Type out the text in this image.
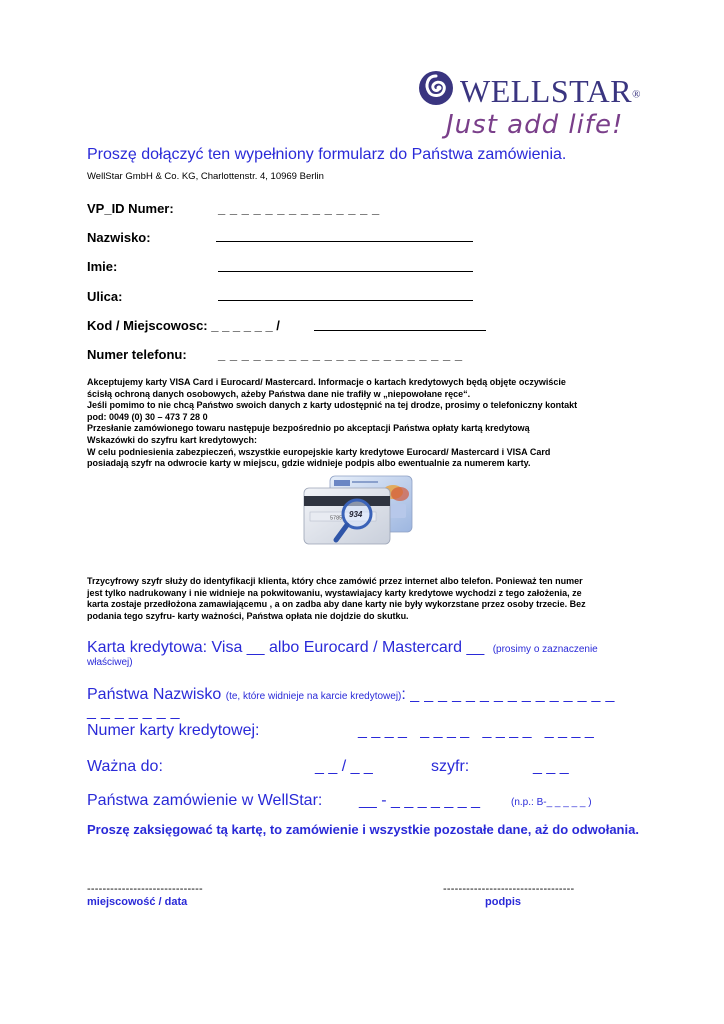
WELLSTAR®
Just add life!
Proszę dołączyć ten wypełniony formularz do Państwa zamówienia.
WellStar GmbH & Co. KG, Charlottenstr. 4, 10969 Berlin
VP_ID Numer:	_ _ _ _ _ _ _ _ _ _ _ _ _ _
Nazwisko:
Imie:
Ulica:
Kod / Miejscowosc: _ _ _ _ _ _ /
Numer telefonu: _ _ _ _ _ _ _ _ _ _ _ _ _ _ _ _ _ _ _ _ _
Akceptujemy karty VISA Card i Eurocard/ Mastercard. Informacje o kartach kredytowych będą objęte oczywiście
ścisłą ochroną danych osobowych, ażeby Państwa dane nie trafiły w „niepowołane ręce“.
Jeśli pomimo to nie chcą Państwo swoich danych z karty udostępnić na tej drodze, prosimy o telefoniczny kontakt
pod: 0049 (0) 30 – 473 7 28 0
Przesłanie zamówionego towaru następuje bezpośrednio po akceptacji Państwa opłaty kartą kredytową
Wskazówki do szyfru kart kredytowych:
W celu podniesienia zabezpieczeń, wszystkie europejskie karty kredytowe Eurocard/ Mastercard i VISA Card
posiadają szyfr na odwrocie karty w miejscu, gdzie widnieje podpis albo ewentualnie za numerem karty.
5785 934
Trzycyfrowy szyfr służy do identyfikacji klienta, który chce zamówić przez internet albo telefon. Ponieważ ten numer
jest tylko nadrukowany i nie widnieje na pokwitowaniu, wystawiajacy karty kredytowe wychodzi z tego założenia, ze
karta zostaje przedłożona zamawiającemu , a on zadba aby dane karty nie były wykorzstane przez osoby trzecie. Bez
podania tego szyfru- karty ważności, Państwa opłata nie dojdzie do skutku.
Karta kredytowa: Visa __ albo Eurocard / Mastercard __ (prosimy o zaznaczenie
właściwej)
Państwa Nazwisko (te, które widnieje na karcie kredytowej): _ _ _ _ _ _ _ _ _ _ _ _ _ _ _
_ _ _ _ _ _ _
Numer karty kredytowej:	_ _ _ _   _ _ _ _   _ _ _ _   _ _ _ _
Ważna do:	_ _ / _ _	szyfr:	_ _ _
Państwa zamówienie w WellStar: __ - _ _ _ _ _ _ _	(n.p.: B-_ _ _ _ _ )
Proszę zaksięgować tą kartę, to zamówienie i wszystkie pozostałe dane, aż do odwołania.
------------------------------	----------------------------------
miejscowość / data	podpis
